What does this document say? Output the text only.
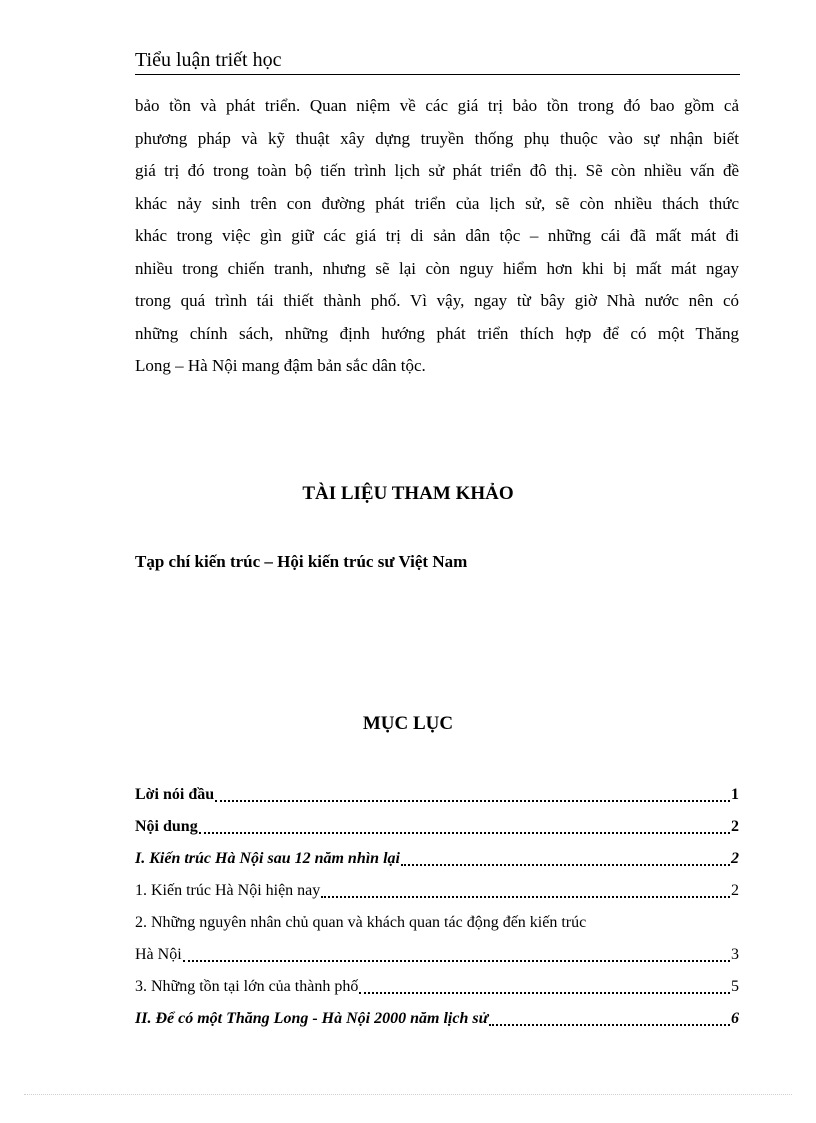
Tiểu luận triết học
bảo tồn và phát triển. Quan niệm về các giá trị bảo tồn trong đó bao gồm cả
phương pháp và kỹ thuật xây dựng truyền thống phụ thuộc vào sự nhận biết
giá trị đó trong toàn bộ tiến trình lịch sử phát triển đô thị. Sẽ còn nhiều vấn đề
khác nảy sinh trên con đường phát triển của lịch sử, sẽ còn nhiều thách thức
khác trong việc gìn giữ các giá trị di sản dân tộc – những cái đã mất mát đi
nhiều trong chiến tranh, nhưng sẽ lại còn nguy hiểm hơn khi bị mất mát ngay
trong quá trình tái thiết thành phố. Vì vậy, ngay từ bây giờ Nhà nước nên có
những chính sách, những định hướng phát triển thích hợp để có một Thăng
Long – Hà Nội mang đậm bản sắc dân tộc.
TÀI LIỆU THAM KHẢO
Tạp chí kiến trúc – Hội kiến trúc sư Việt Nam
MỤC LỤC
Lời nói đầu	1
Nội dung	2
I. Kiến trúc Hà Nội sau 12 năm nhìn lại	2
1. Kiến trúc Hà Nội hiện nay	2
2. Những nguyên nhân chủ quan và khách quan tác động đến kiến trúc
Hà Nội	3
3. Những tồn tại lớn của thành phố	5
II. Để có một Thăng Long - Hà Nội 2000 năm lịch sử	6
